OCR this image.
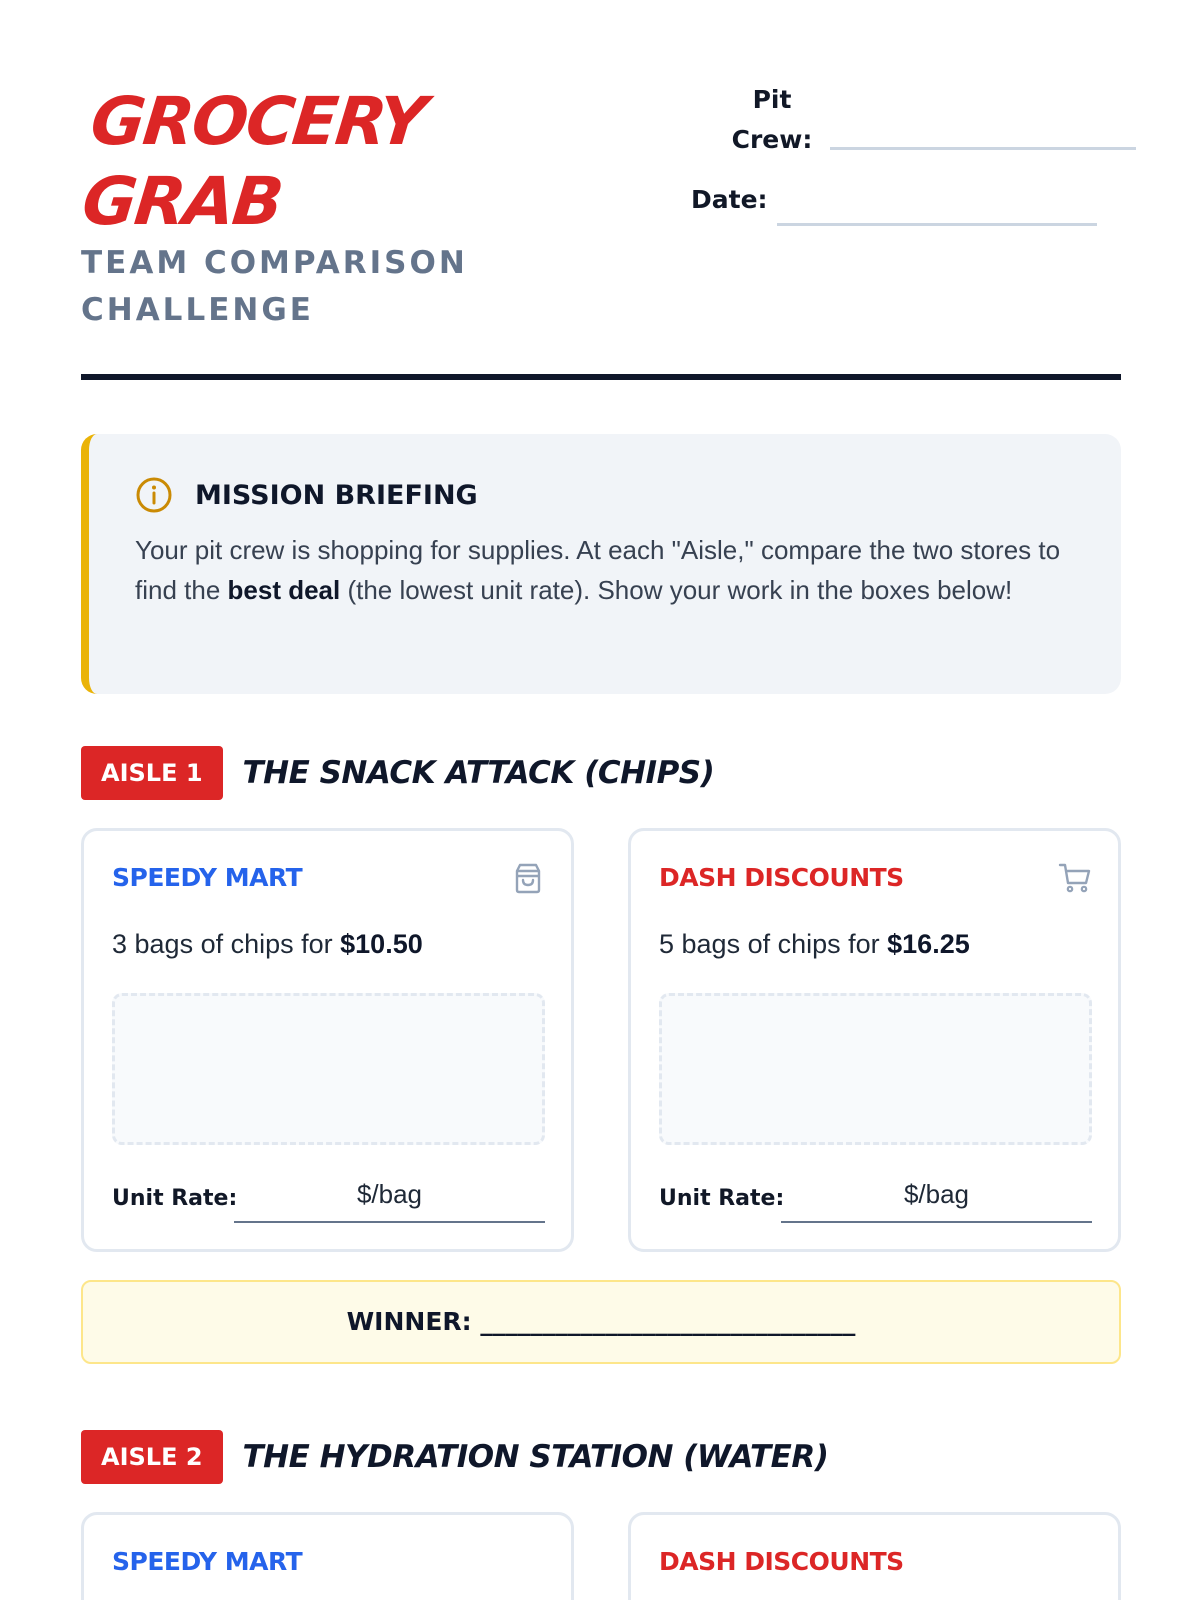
GROCERY
GRAB
TEAM COMPARISON CHALLENGE
Pit Crew:
Date:
MISSION BRIEFING
Your pit crew is shopping for supplies. At each "Aisle," compare the two stores to find the best deal (the lowest unit rate). Show your work in the boxes below!
AISLE 1	THE SNACK ATTACK (CHIPS)
SPEEDY MART
3 bags of chips for $10.50
Unit Rate:	$/bag
DASH DISCOUNTS
5 bags of chips for $16.25
Unit Rate:	$/bag
WINNER: ______________________________
AISLE 2	THE HYDRATION STATION (WATER)
SPEEDY MART	DASH DISCOUNTS
